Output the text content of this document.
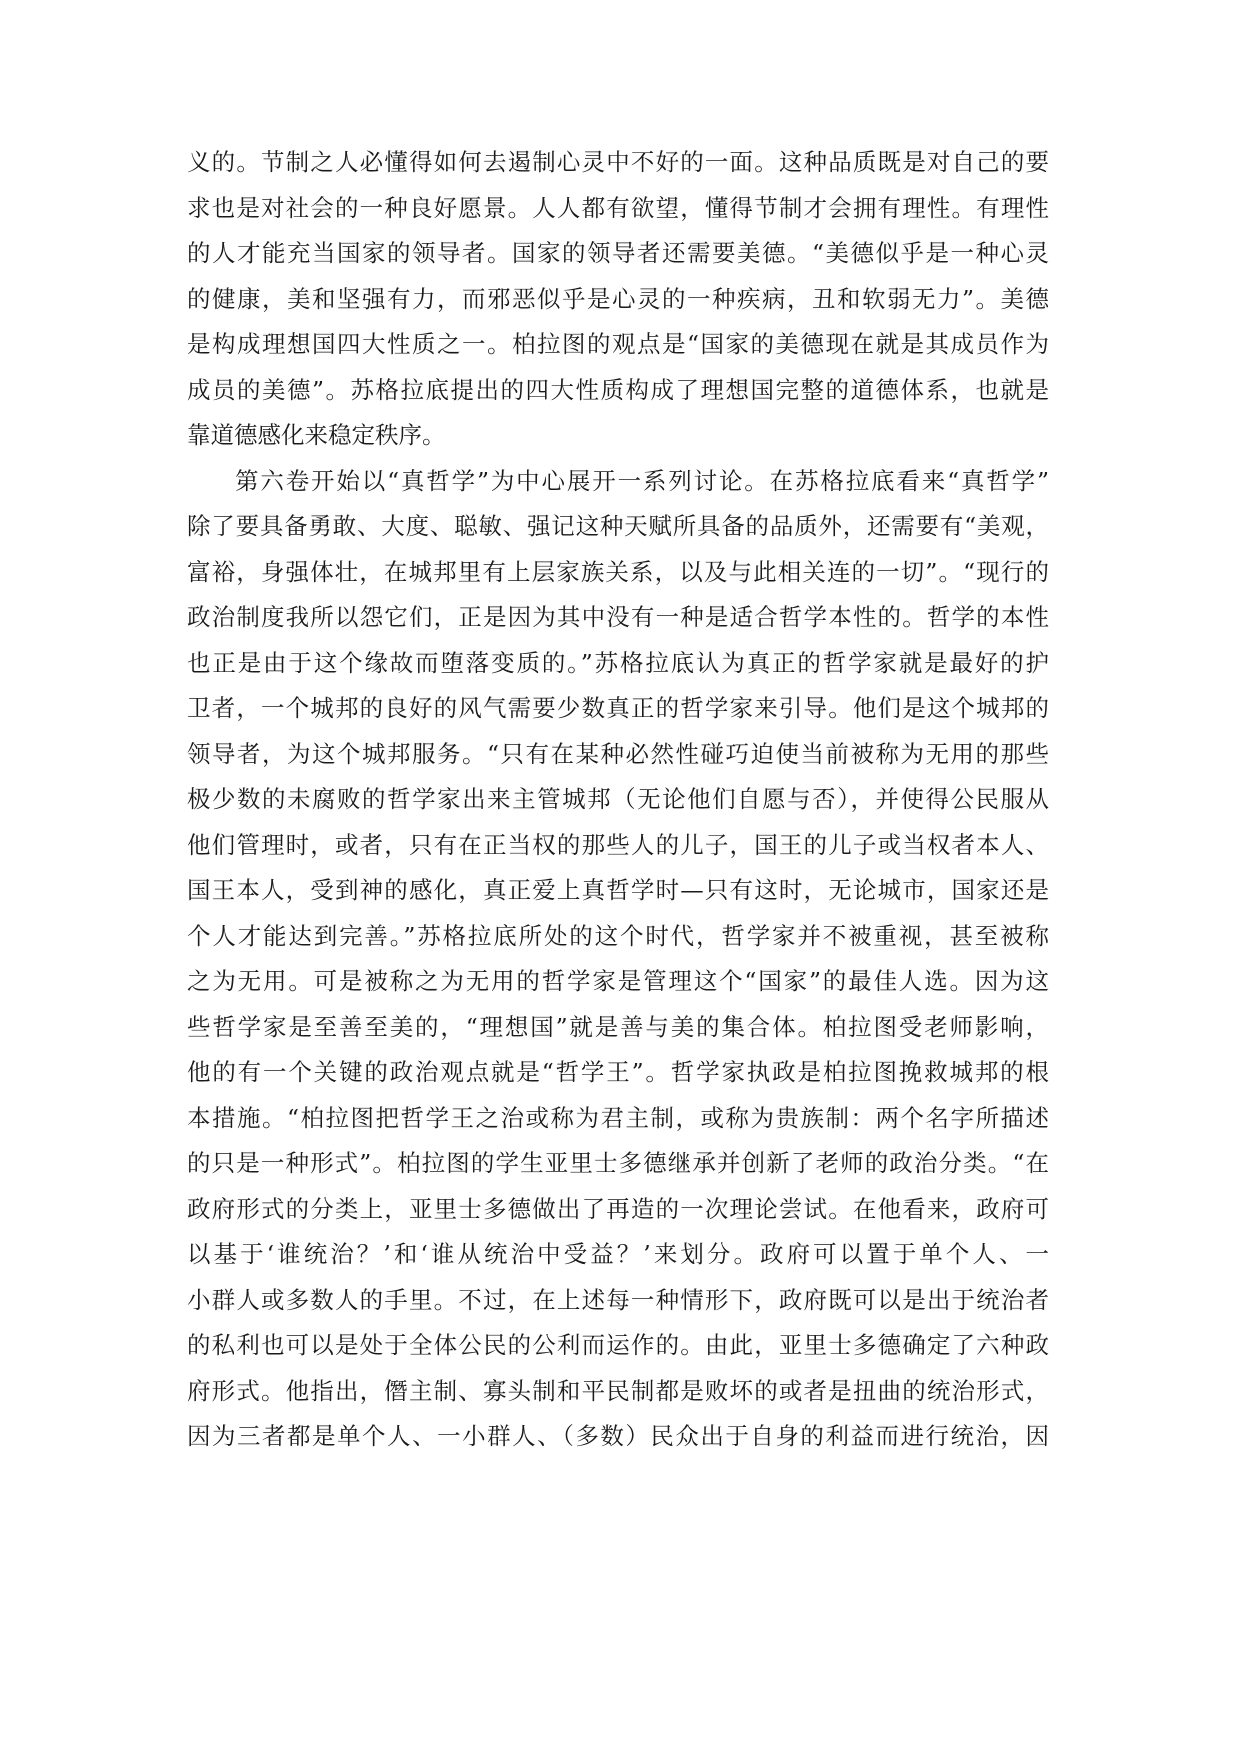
义的。节制之人必懂得如何去遏制心灵中不好的一面。这种品质既是对自己的要
求也是对社会的一种良好愿景。人人都有欲望，懂得节制才会拥有理性。有理性
的人才能充当国家的领导者。国家的领导者还需要美德。“美德似乎是一种心灵
的健康，美和坚强有力，而邪恶似乎是心灵的一种疾病，丑和软弱无力”。美德
是构成理想国四大性质之一。柏拉图的观点是“国家的美德现在就是其成员作为
成员的美德”。苏格拉底提出的四大性质构成了理想国完整的道德体系，也就是
靠道德感化来稳定秩序。
第六卷开始以“真哲学”为中心展开一系列讨论。在苏格拉底看来“真哲学”
除了要具备勇敢、大度、聪敏、强记这种天赋所具备的品质外，还需要有“美观，
富裕，身强体壮，在城邦里有上层家族关系，以及与此相关连的一切”。“现行的
政治制度我所以怨它们，正是因为其中没有一种是适合哲学本性的。哲学的本性
也正是由于这个缘故而堕落变质的。”苏格拉底认为真正的哲学家就是最好的护
卫者，一个城邦的良好的风气需要少数真正的哲学家来引导。他们是这个城邦的
领导者，为这个城邦服务。“只有在某种必然性碰巧迫使当前被称为无用的那些
极少数的未腐败的哲学家出来主管城邦（无论他们自愿与否），并使得公民服从
他们管理时，或者，只有在正当权的那些人的儿子，国王的儿子或当权者本人、
国王本人，受到神的感化，真正爱上真哲学时—只有这时，无论城市，国家还是
个人才能达到完善。”苏格拉底所处的这个时代，哲学家并不被重视，甚至被称
之为无用。可是被称之为无用的哲学家是管理这个“国家”的最佳人选。因为这
些哲学家是至善至美的，“理想国”就是善与美的集合体。柏拉图受老师影响，
他的有一个关键的政治观点就是“哲学王”。哲学家执政是柏拉图挽救城邦的根
本措施。“柏拉图把哲学王之治或称为君主制，或称为贵族制：两个名字所描述
的只是一种形式”。柏拉图的学生亚里士多德继承并创新了老师的政治分类。“在
政府形式的分类上，亚里士多德做出了再造的一次理论尝试。在他看来，政府可
以基于‘谁统治？’和‘谁从统治中受益？’来划分。政府可以置于单个人、一
小群人或多数人的手里。不过，在上述每一种情形下，政府既可以是出于统治者
的私利也可以是处于全体公民的公利而运作的。由此，亚里士多德确定了六种政
府形式。他指出，僭主制、寡头制和平民制都是败坏的或者是扭曲的统治形式，
因为三者都是单个人、一小群人、（多数）民众出于自身的利益而进行统治，因
